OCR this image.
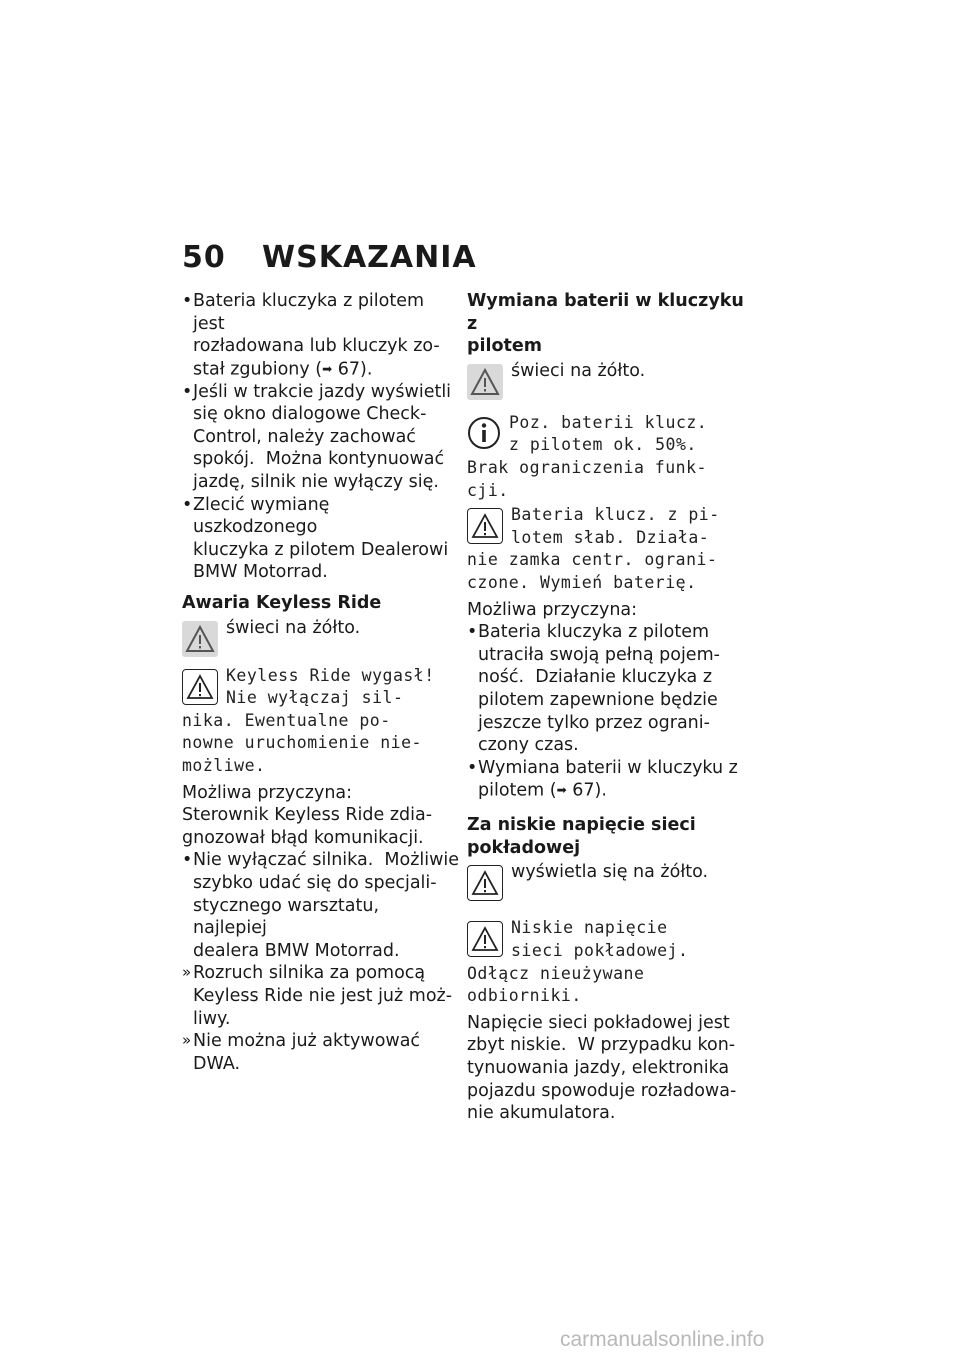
50	WSKAZANIA
• Bateria kluczyka z pilotem jest
rozładowana lub kluczyk zo-
stał zgubiony (➡ 67).
• Jeśli w trakcie jazdy wyświetli
się okno dialogowe Check-
Control, należy zachować
spokój.  Można kontynuować
jazdę, silnik nie wyłączy się.
• Zlecić wymianę uszkodzonego
kluczyka z pilotem Dealerowi
BMW Motorrad.
Awaria Keyless Ride
świeci na żółto.
Keyless Ride wygasł!
Nie wyłączaj sil-
nika. Ewentualne po-
nowne uruchomienie nie-
możliwe.
Możliwa przyczyna:
Sterownik Keyless Ride zdia-
gnozował błąd komunikacji.
• Nie wyłączać silnika.  Możliwie
szybko udać się do specjali-
stycznego warsztatu, najlepiej
dealera BMW Motorrad.
» Rozruch silnika za pomocą
Keyless Ride nie jest już moż-
liwy.
» Nie można już aktywować
DWA.
Wymiana baterii w kluczyku z
pilotem
świeci na żółto.
Poz. baterii klucz.
z pilotem ok. 50%.
Brak ograniczenia funk-
cji.
Bateria klucz. z pi-
lotem słab. Działa-
nie zamka centr. ograni-
czone. Wymień baterię.
Możliwa przyczyna:
• Bateria kluczyka z pilotem
utraciła swoją pełną pojem-
ność.  Działanie kluczyka z
pilotem zapewnione będzie
jeszcze tylko przez ograni-
czony czas.
• Wymiana baterii w kluczyku z
pilotem (➡ 67).
Za niskie napięcie sieci
pokładowej
wyświetla się na żółto.
Niskie napięcie
sieci pokładowej.
Odłącz nieużywane
odbiorniki.
Napięcie sieci pokładowej jest
zbyt niskie.  W przypadku kon-
tynuowania jazdy, elektronika
pojazdu spowoduje rozładowa-
nie akumulatora.
carmanualsonline.info
